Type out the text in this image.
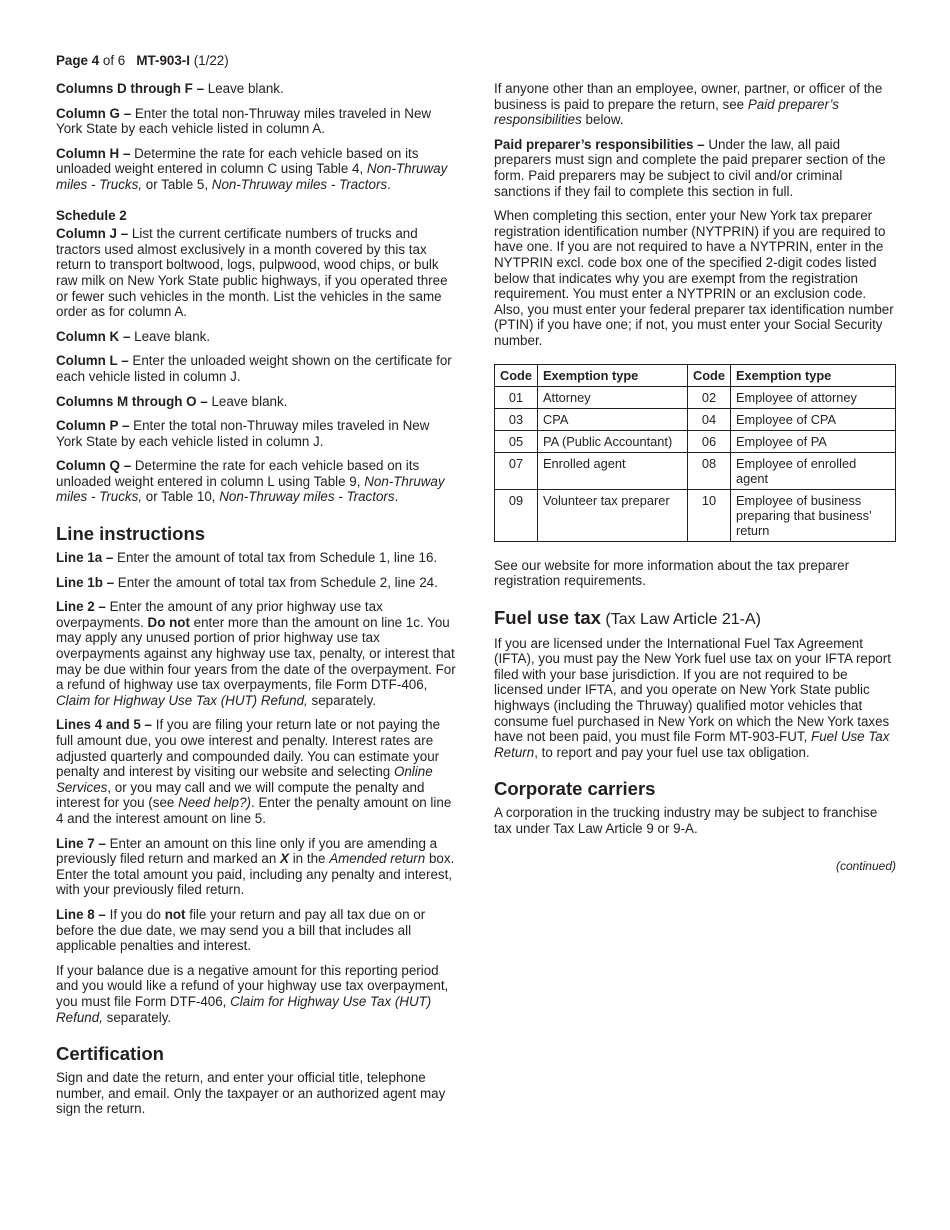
Page 4 of 6   MT-903-I (1/22)

Columns D through F – Leave blank.

Column G – Enter the total non-Thruway miles traveled in New York State by each vehicle listed in column A.

Column H – Determine the rate for each vehicle based on its unloaded weight entered in column C using Table 4, Non-Thruway miles - Trucks, or Table 5, Non-Thruway miles - Tractors.

Schedule 2

Column J – List the current certificate numbers of trucks and tractors used almost exclusively in a month covered by this tax return to transport boltwood, logs, pulpwood, wood chips, or bulk raw milk on New York State public highways, if you operated three or fewer such vehicles in the month. List the vehicles in the same order as for column A.

Column K – Leave blank.

Column L – Enter the unloaded weight shown on the certificate for each vehicle listed in column J.

Columns M through O – Leave blank.

Column P – Enter the total non-Thruway miles traveled in New York State by each vehicle listed in column J.

Column Q – Determine the rate for each vehicle based on its unloaded weight entered in column L using Table 9, Non-Thruway miles - Trucks, or Table 10, Non-Thruway miles - Tractors.

Line instructions

Line 1a – Enter the amount of total tax from Schedule 1, line 16.

Line 1b – Enter the amount of total tax from Schedule 2, line 24.

Line 2 – Enter the amount of any prior highway use tax overpayments. Do not enter more than the amount on line 1c. You may apply any unused portion of prior highway use tax overpayments against any highway use tax, penalty, or interest that may be due within four years from the date of the overpayment. For a refund of highway use tax overpayments, file Form DTF-406, Claim for Highway Use Tax (HUT) Refund, separately.

Lines 4 and 5 – If you are filing your return late or not paying the full amount due, you owe interest and penalty. Interest rates are adjusted quarterly and compounded daily. You can estimate your penalty and interest by visiting our website and selecting Online Services, or you may call and we will compute the penalty and interest for you (see Need help?). Enter the penalty amount on line 4 and the interest amount on line 5.

Line 7 – Enter an amount on this line only if you are amending a previously filed return and marked an X in the Amended return box. Enter the total amount you paid, including any penalty and interest, with your previously filed return.

Line 8 – If you do not file your return and pay all tax due on or before the due date, we may send you a bill that includes all applicable penalties and interest.

If your balance due is a negative amount for this reporting period and you would like a refund of your highway use tax overpayment, you must file Form DTF-406, Claim for Highway Use Tax (HUT) Refund, separately.

Certification

Sign and date the return, and enter your official title, telephone number, and email. Only the taxpayer or an authorized agent may sign the return.

If anyone other than an employee, owner, partner, or officer of the business is paid to prepare the return, see Paid preparer’s responsibilities below.

Paid preparer’s responsibilities – Under the law, all paid preparers must sign and complete the paid preparer section of the form. Paid preparers may be subject to civil and/or criminal sanctions if they fail to complete this section in full.

When completing this section, enter your New York tax preparer registration identification number (NYTPRIN) if you are required to have one. If you are not required to have a NYTPRIN, enter in the NYTPRIN excl. code box one of the specified 2-digit codes listed below that indicates why you are exempt from the registration requirement. You must enter a NYTPRIN or an exclusion code. Also, you must enter your federal preparer tax identification number (PTIN) if you have one; if not, you must enter your Social Security number.

Code	Exemption type	Code	Exemption type
01	Attorney	02	Employee of attorney
03	CPA	04	Employee of CPA
05	PA (Public Accountant)	06	Employee of PA
07	Enrolled agent	08	Employee of enrolled agent
09	Volunteer tax preparer	10	Employee of business preparing that business’ return

See our website for more information about the tax preparer registration requirements.

Fuel use tax (Tax Law Article 21-A)

If you are licensed under the International Fuel Tax Agreement (IFTA), you must pay the New York fuel use tax on your IFTA report filed with your base jurisdiction. If you are not required to be licensed under IFTA, and you operate on New York State public highways (including the Thruway) qualified motor vehicles that consume fuel purchased in New York on which the New York taxes have not been paid, you must file Form MT-903-FUT, Fuel Use Tax Return, to report and pay your fuel use tax obligation.

Corporate carriers

A corporation in the trucking industry may be subject to franchise tax under Tax Law Article 9 or 9-A.

(continued)
